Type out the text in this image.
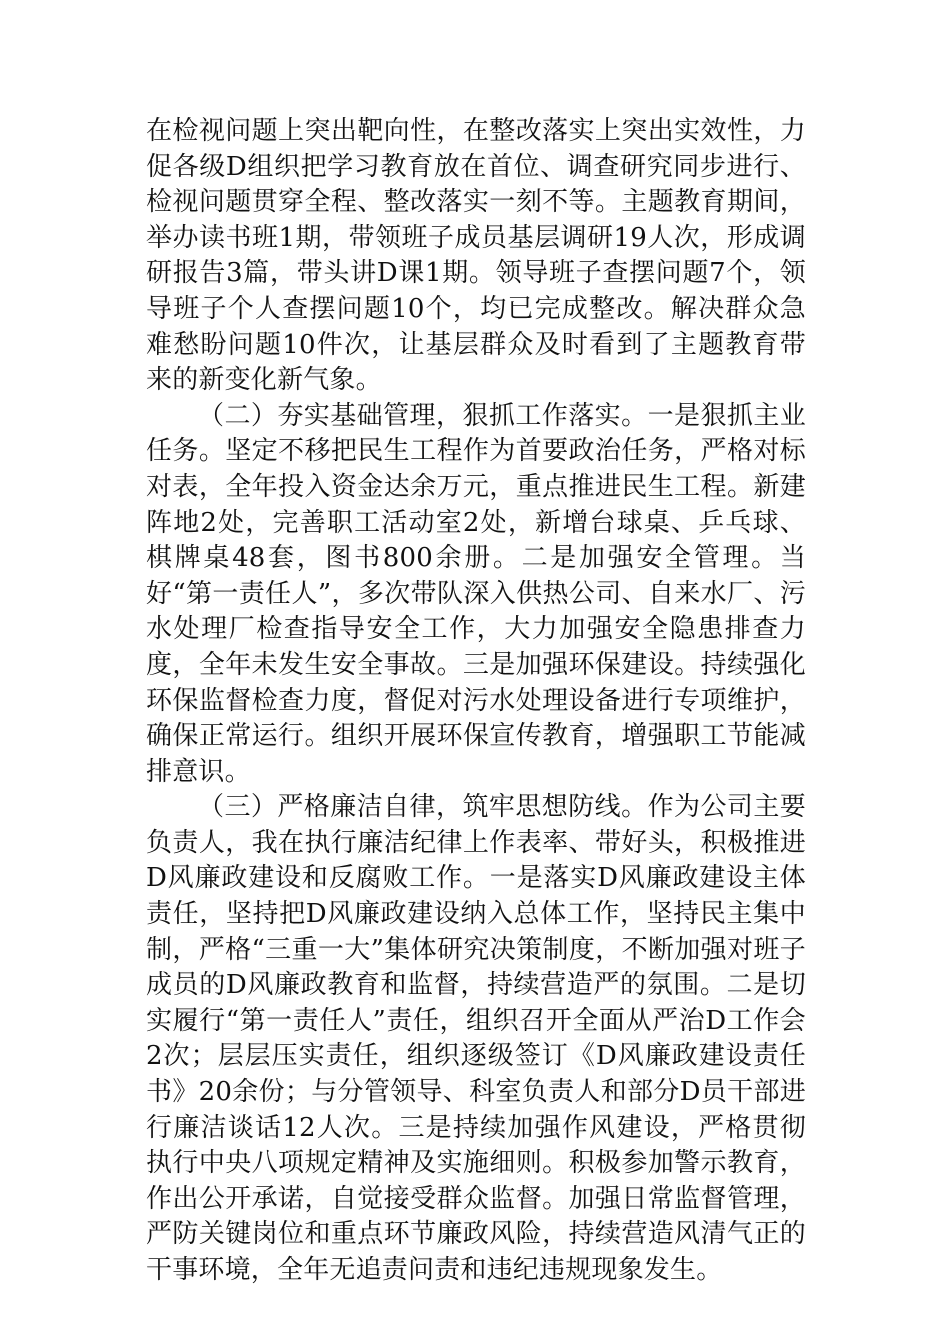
在检视问题上突出靶向性，在整改落实上突出实效性，力促各级D组织把学习教育放在首位、调查研究同步进行、检视问题贯穿全程、整改落实一刻不等。主题教育期间，举办读书班1期，带领班子成员基层调研19人次，形成调研报告3篇，带头讲D课1期。领导班子查摆问题7个，领导班子个人查摆问题10个，均已完成整改。解决群众急难愁盼问题10件次，让基层群众及时看到了主题教育带来的新变化新气象。

（二）夯实基础管理，狠抓工作落实。一是狠抓主业任务。坚定不移把民生工程作为首要政治任务，严格对标对表，全年投入资金达余万元，重点推进民生工程。新建阵地2处，完善职工活动室2处，新增台球桌、乒乓球、棋牌桌48套，图书800余册。二是加强安全管理。当好“第一责任人”，多次带队深入供热公司、自来水厂、污水处理厂检查指导安全工作，大力加强安全隐患排查力度，全年未发生安全事故。三是加强环保建设。持续强化环保监督检查力度，督促对污水处理设备进行专项维护，确保正常运行。组织开展环保宣传教育，增强职工节能减排意识。

（三）严格廉洁自律，筑牢思想防线。作为公司主要负责人，我在执行廉洁纪律上作表率、带好头，积极推进D风廉政建设和反腐败工作。一是落实D风廉政建设主体责任，坚持把D风廉政建设纳入总体工作，坚持民主集中制，严格“三重一大”集体研究决策制度，不断加强对班子成员的D风廉政教育和监督，持续营造严的氛围。二是切实履行“第一责任人”责任，组织召开全面从严治D工作会2次；层层压实责任，组织逐级签订《D风廉政建设责任书》20余份；与分管领导、科室负责人和部分D员干部进行廉洁谈话12人次。三是持续加强作风建设，严格贯彻执行中央八项规定精神及实施细则。积极参加警示教育，作出公开承诺，自觉接受群众监督。加强日常监督管理，严防关键岗位和重点环节廉政风险，持续营造风清气正的干事环境，全年无追责问责和违纪违规现象发生。
